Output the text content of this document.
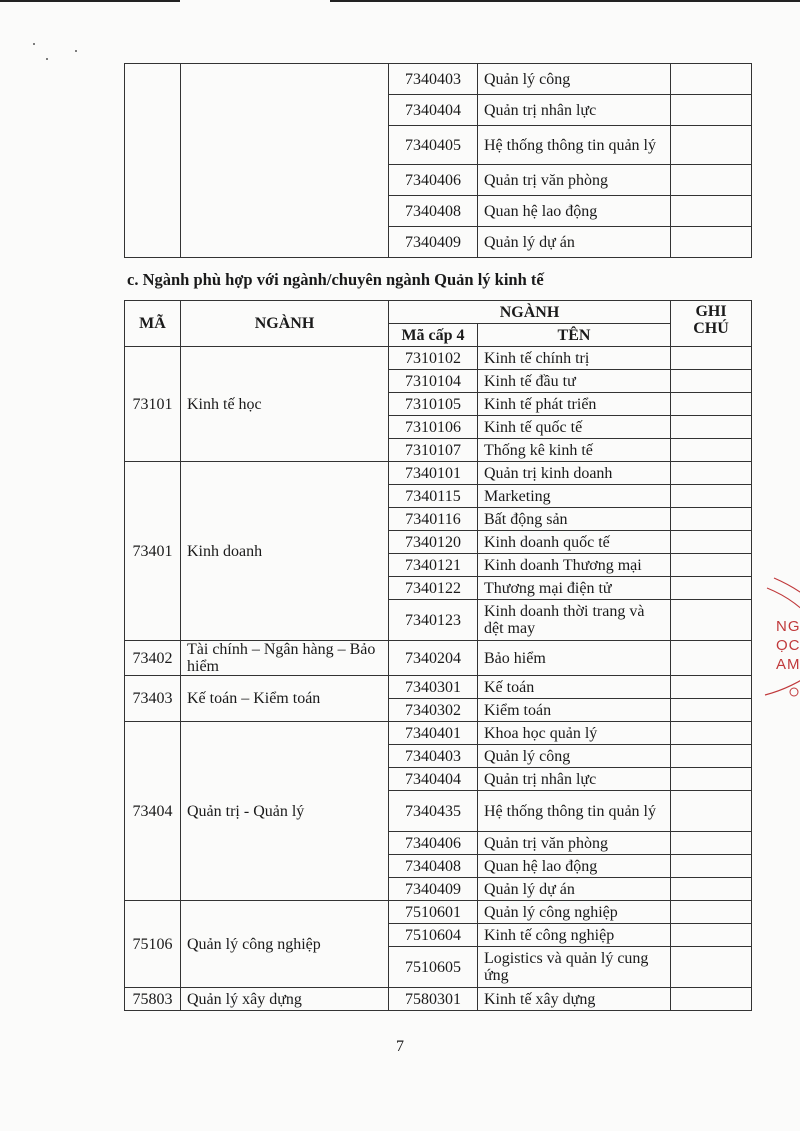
		7340403	Quản lý công	
		7340404	Quản trị nhân lực	
		7340405	Hệ thống thông tin quản lý	
		7340406	Quản trị văn phòng	
		7340408	Quan hệ lao động	
		7340409	Quản lý dự án	
c. Ngành phù hợp với ngành/chuyên ngành Quản lý kinh tế
MÃ	NGÀNH	NGÀNH		GHI CHÚ
		Mã cấp 4	TÊN	
73101	Kinh tế học	7310102	Kinh tế chính trị	
		7310104	Kinh tế đầu tư	
		7310105	Kinh tế phát triển	
		7310106	Kinh tế quốc tế	
		7310107	Thống kê kinh tế	
73401	Kinh doanh	7340101	Quản trị kinh doanh	
		7340115	Marketing	
		7340116	Bất động sản	
		7340120	Kinh doanh quốc tế	
		7340121	Kinh doanh Thương mại	
		7340122	Thương mại điện tử	
		7340123	Kinh doanh thời trang và dệt may	
73402	Tài chính – Ngân hàng – Bảo hiểm	7340204	Bảo hiểm	
73403	Kế toán – Kiểm toán	7340301	Kế toán	
		7340302	Kiểm toán	
73404	Quản trị - Quản lý	7340401	Khoa học quản lý	
		7340403	Quản lý công	
		7340404	Quản trị nhân lực	
		7340435	Hệ thống thông tin quản lý	
		7340406	Quản trị văn phòng	
		7340408	Quan hệ lao động	
		7340409	Quản lý dự án	
75106	Quản lý công nghiệp	7510601	Quản lý công nghiệp	
		7510604	Kinh tế công nghiệp	
		7510605	Logistics và quản lý cung ứng	
75803	Quản lý xây dựng	7580301	Kinh tế xây dựng	
7
NG
ỌC
AM
